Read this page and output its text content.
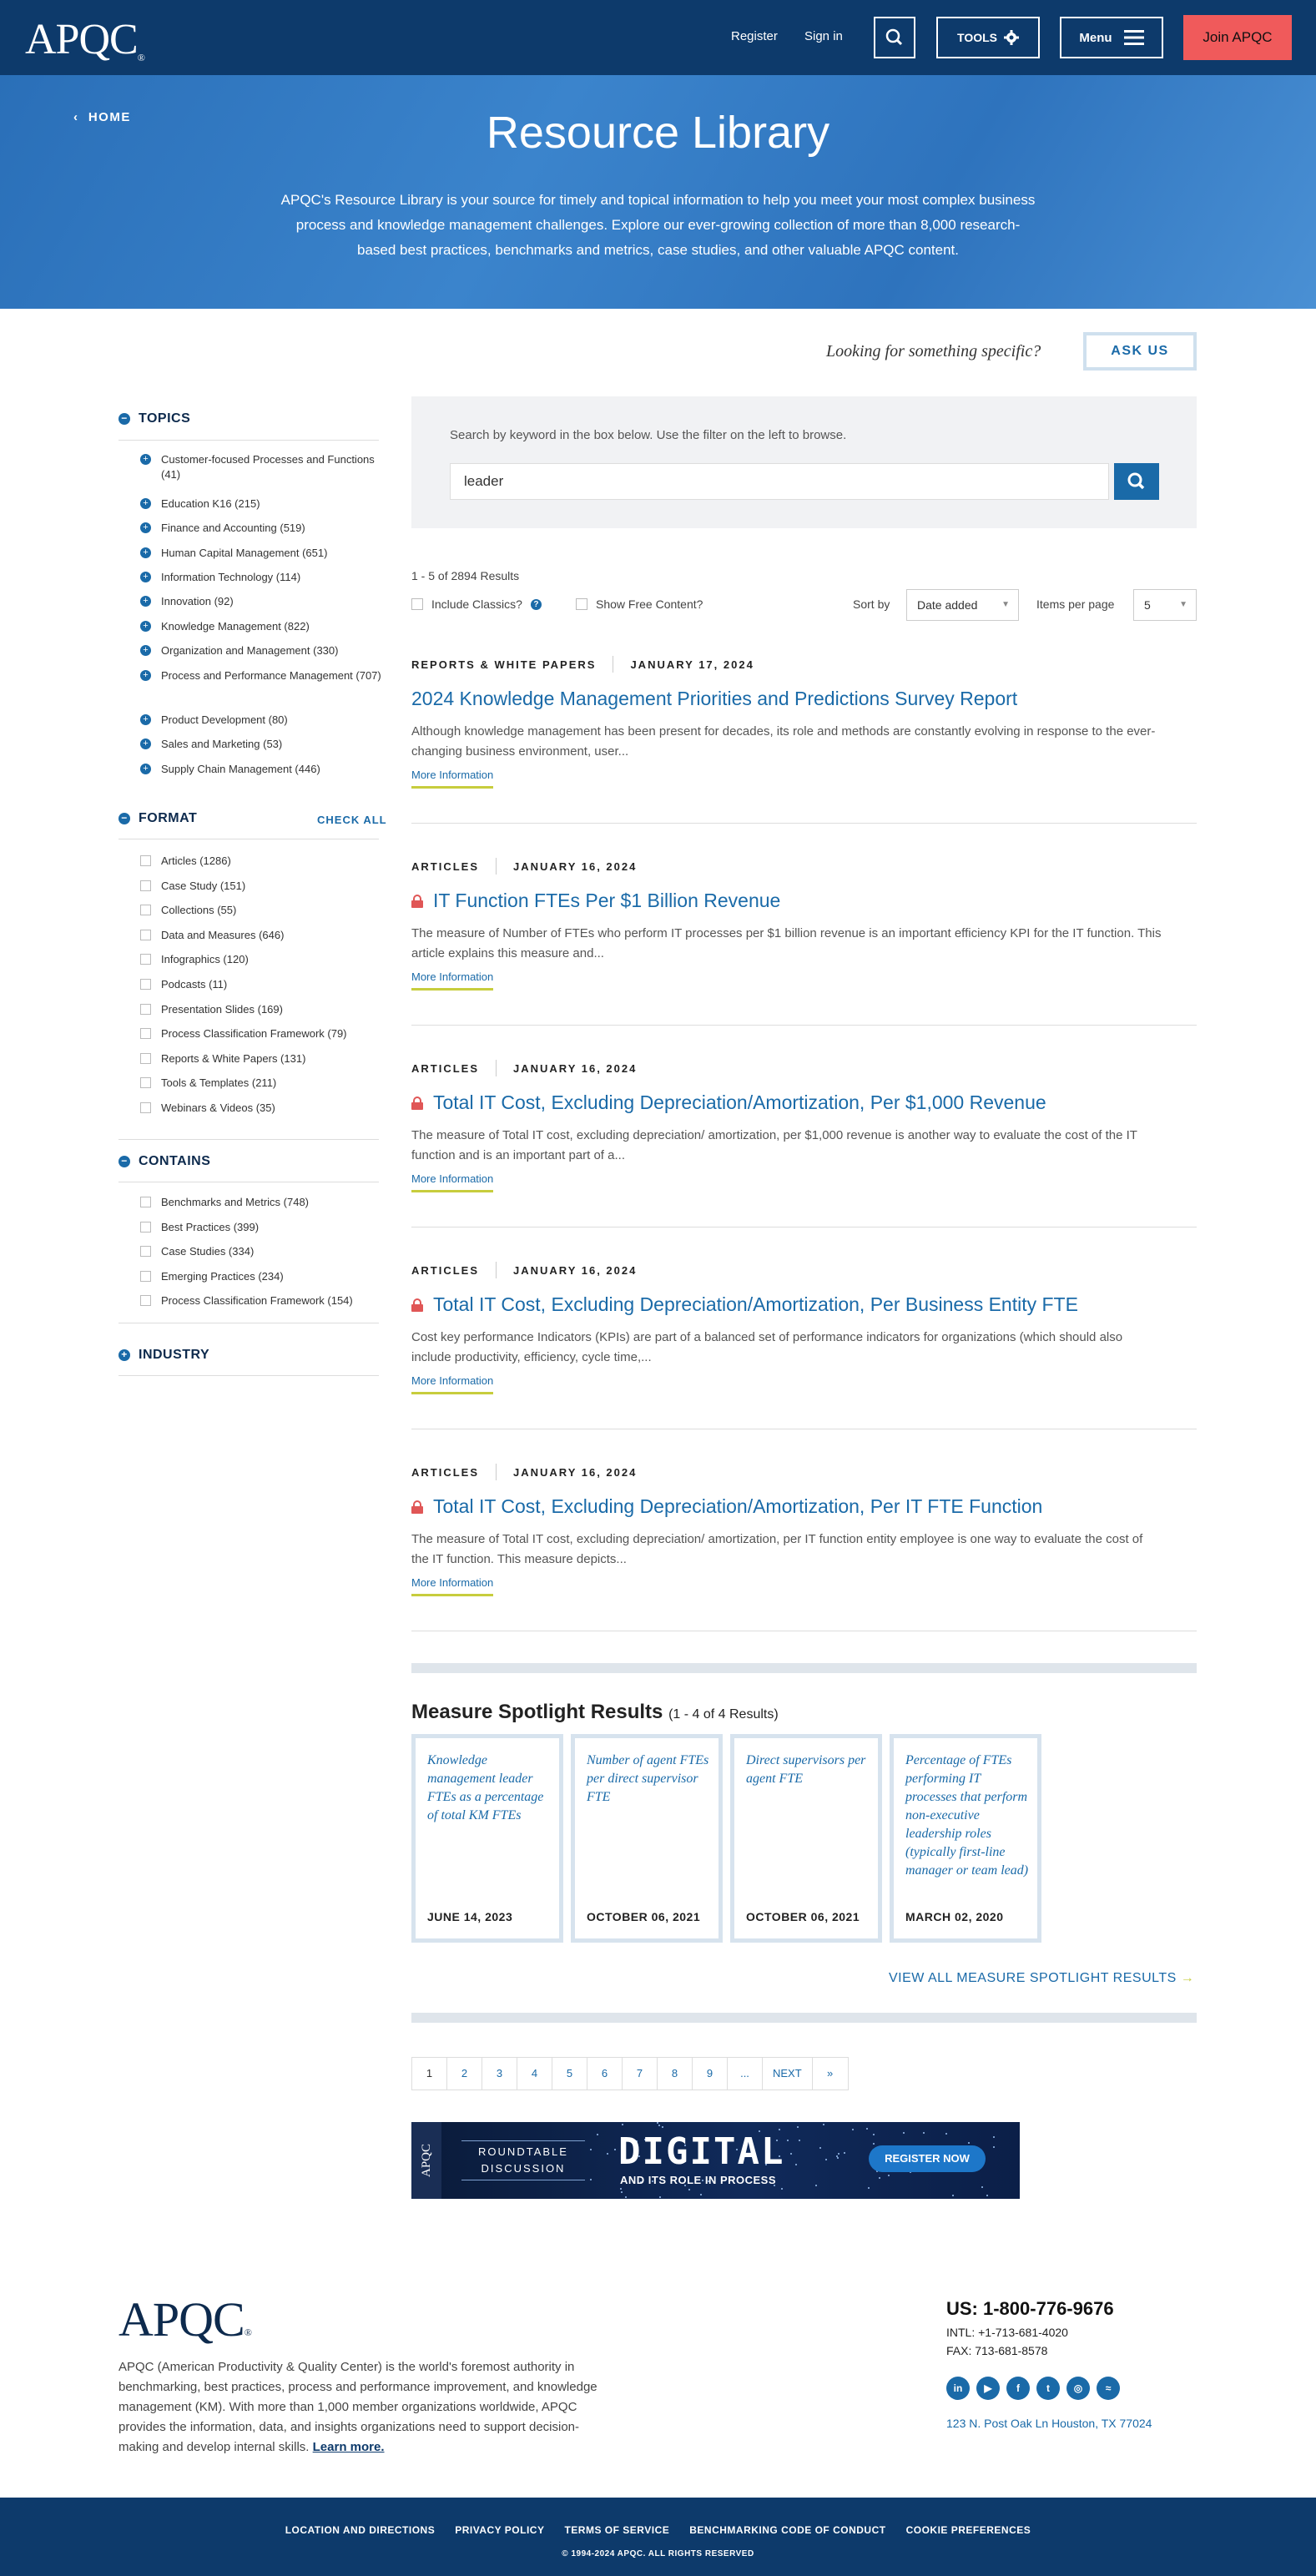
APQC®
Register Sign in	TOOLS	Menu	Join APQC
‹  HOME	Resource Library
APQC's Resource Library is your source for timely and topical information to help you meet your most complex business process and knowledge management challenges. Explore our ever-growing collection of more than 8,000 research-based best practices, benchmarks and metrics, case studies, and other valuable APQC content.
Looking for something specific?	ASK US
− TOPICS
+	Customer-focused Processes and Functions (41)
+	Education K16 (215)
+	Finance and Accounting (519)
+	Human Capital Management (651)
+	Information Technology (114)
+	Innovation (92)
+	Knowledge Management (822)
+	Organization and Management (330)
+	Process and Performance Management (707)
+	Product Development (80)
+	Sales and Marketing (53)
+	Supply Chain Management (446)
− FORMAT	CHECK ALL
Articles (1286)
Case Study (151)
Collections (55)
Data and Measures (646)
Infographics (120)
Podcasts (11)
Presentation Slides (169)
Process Classification Framework (79)
Reports & White Papers (131)
Tools & Templates (211)
Webinars & Videos (35)
− CONTAINS
Benchmarks and Metrics (748)
Best Practices (399)
Case Studies (334)
Emerging Practices (234)
Process Classification Framework (154)
+ INDUSTRY
Search by keyword in the box below. Use the filter on the left to browse.
leader
1 - 5 of 2894 Results
Include Classics?	?	Show Free Content?	Sort by	Date added	▼ Items per page	5	▼
REPORTS & WHITE PAPERS	JANUARY 17, 2024
2024 Knowledge Management Priorities and Predictions Survey Report
Although knowledge management has been present for decades, its role and methods are constantly evolving in response to the ever-changing business environment, user...
More Information
ARTICLES	JANUARY 16, 2024
IT Function FTEs Per $1 Billion Revenue
The measure of Number of FTEs who perform IT processes per $1 billion revenue is an important efficiency KPI for the IT function. This article explains this measure and...
More Information
ARTICLES	JANUARY 16, 2024
Total IT Cost, Excluding Depreciation/Amortization, Per $1,000 Revenue
The measure of Total IT cost, excluding depreciation/ amortization, per $1,000 revenue is another way to evaluate the cost of the IT function and is an important part of a...
More Information
ARTICLES	JANUARY 16, 2024
Total IT Cost, Excluding Depreciation/Amortization, Per Business Entity FTE
Cost key performance Indicators (KPIs) are part of a balanced set of performance indicators for organizations (which should also include productivity, efficiency, cycle time,...
More Information
ARTICLES	JANUARY 16, 2024
Total IT Cost, Excluding Depreciation/Amortization, Per IT FTE Function
The measure of Total IT cost, excluding depreciation/ amortization, per IT function entity employee is one way to evaluate the cost of the IT function. This measure depicts...
More Information
Measure Spotlight Results (1 - 4 of 4 Results)
Knowledge management leader FTEs as a percentage of total KM FTEs
JUNE 14, 2023
Number of agent FTEs per direct supervisor FTE
OCTOBER 06, 2021
Direct supervisors per agent FTE
OCTOBER 06, 2021
Percentage of FTEs performing IT processes that perform non-executive leadership roles (typically first-line manager or team lead)
MARCH 02, 2020
VIEW ALL MEASURE SPOTLIGHT RESULTS →
1	2	3	4	5	6	7	8	9	...	NEXT	»
APQC	ROUNDTABLE DISCUSSION	DIGITAL
AND ITS ROLE IN PROCESS
REGISTER NOW
APQC®
APQC (American Productivity & Quality Center) is the world's foremost authority in benchmarking, best practices, process and performance improvement, and knowledge management (KM). With more than 1,000 member organizations worldwide, APQC provides the information, data, and insights organizations need to support decision-making and develop internal skills. Learn more.
US: 1-800-776-9676
INTL: +1-713-681-4020
FAX: 713-681-8578
in	▶	f	t	◎	≈
123 N. Post Oak Ln Houston, TX 77024
LOCATION AND DIRECTIONS PRIVACY POLICY TERMS OF SERVICE BENCHMARKING CODE OF CONDUCT COOKIE PREFERENCES
© 1994-2024 APQC. ALL RIGHTS RESERVED
